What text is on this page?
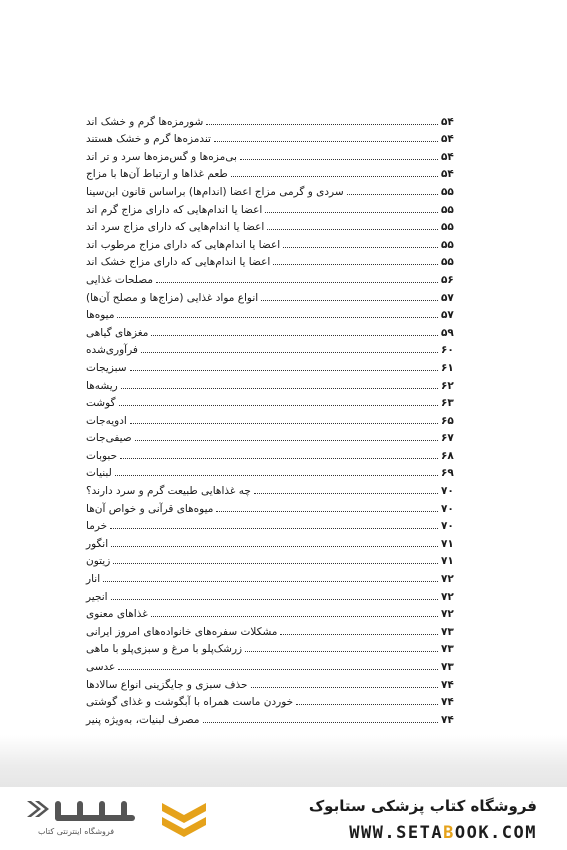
شورمزه‌ها گرم و خشک اند	۵۴
تندمزه‌ها گرم و خشک هستند	۵۴
بی‌مزه‌ها و گس‌مزه‌ها سرد و تر اند	۵۴
طعم غذاها و ارتباط آن‌ها با مزاج	۵۴
سردی و گرمی مزاج اعضا (اندام‌ها) براساس قانون ابن‌سینا	۵۵
اعضا یا اندام‌هایی که دارای مزاج گرم اند	۵۵
اعضا یا اندام‌هایی که دارای مزاج سرد اند	۵۵
اعضا یا اندام‌هایی که دارای مزاج مرطوب اند	۵۵
اعضا یا اندام‌هایی که دارای مزاج خشک اند	۵۵
مصلحات غذایی	۵۶
انواع مواد غذایی (مزاج‌ها و مصلح آن‌ها)	۵۷
میوه‌ها	۵۷
مغزهای گیاهی	۵۹
فرآوری‌شده	۶۰
سبزیجات	۶۱
ریشه‌ها	۶۲
گوشت	۶۳
ادویه‌جات	۶۵
صیفی‌جات	۶۷
حبوبات	۶۸
لبنیات	۶۹
چه غذاهایی طبیعت گرم و سرد دارند؟	۷۰
میوه‌های قرآنی و خواص آن‌ها	۷۰
خرما	۷۰
انگور	۷۱
زیتون	۷۱
انار	۷۲
انجیر	۷۲
غذاهای معنوی	۷۲
مشکلات سفره‌های خانواده‌های امروز ایرانی	۷۳
زرشک‌پلو با مرغ و سبزی‌پلو با ماهی	۷۳
عدسی	۷۳
حذف سبزی و جایگزینی انواع سالادها	۷۴
خوردن ماست همراه با آبگوشت و غذای گوشتی	۷۴
مصرف لبنیات، به‌ویژه پنیر	۷۴
فروشگاه اینترنتی کتاب
فروشگاه کتاب پزشکی ستابوک
WWW.SETABOOK.COM
